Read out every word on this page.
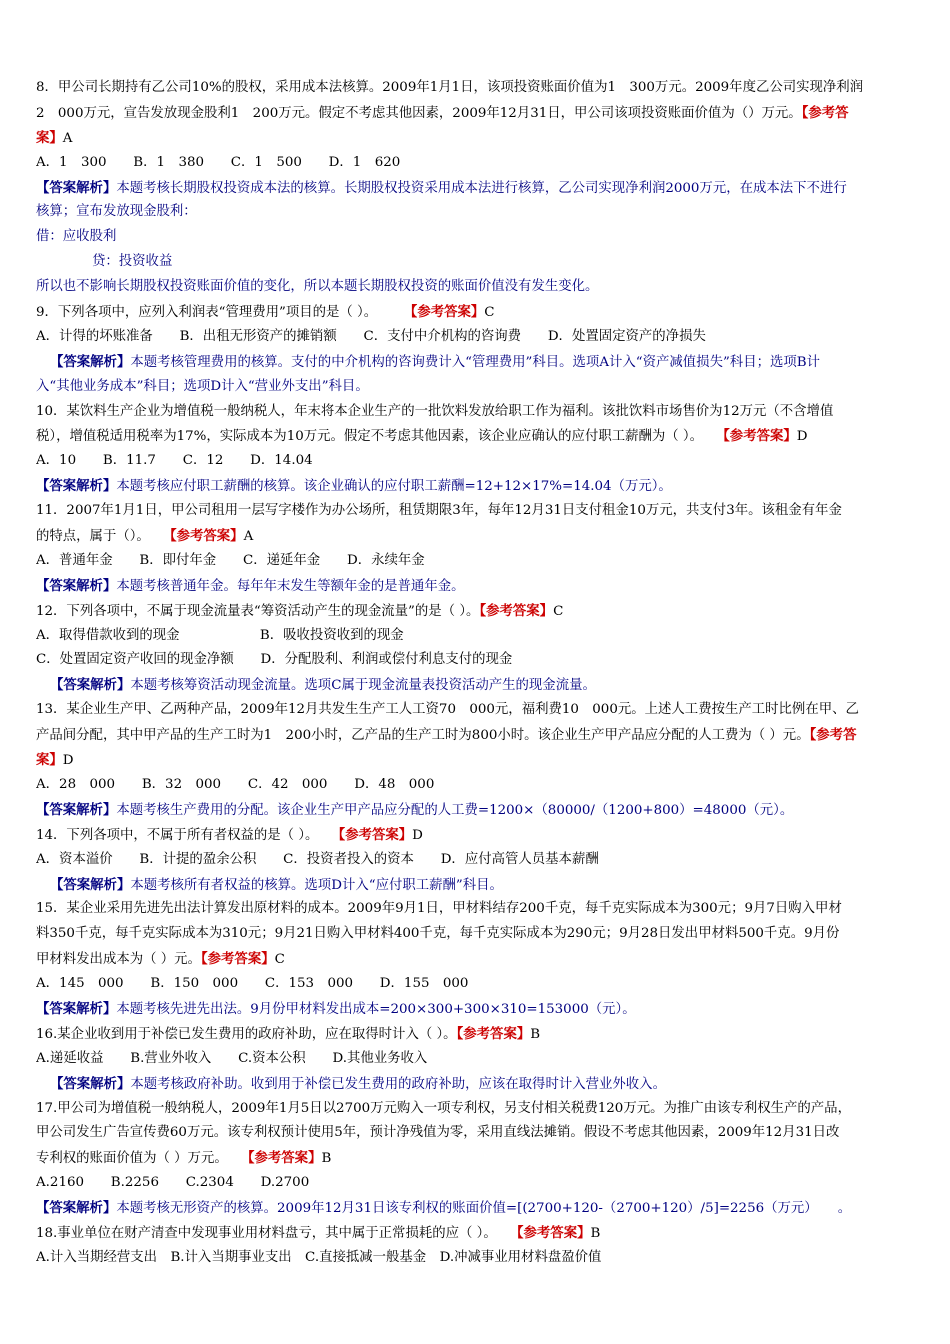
8．甲公司长期持有乙公司10%的股权，采用成本法核算。2009年1月1日，该项投资账面价值为1　300万元。2009年度乙公司实现净利润
2　000万元，宣告发放现金股利1　200万元。假定不考虑其他因素，2009年12月31日，甲公司该项投资账面价值为（）万元。【参考答
案】A
A．1　300　　B．1　380　　C．1　500　　D．1　620
【答案解析】本题考核长期股权投资成本法的核算。长期股权投资采用成本法进行核算，乙公司实现净利润2000万元，在成本法下不进行
核算；宣布发放现金股利：
借：应收股利
贷：投资收益
所以也不影响长期股权投资账面价值的变化，所以本题长期股权投资的账面价值没有发生变化。
9．下列各项中，应列入利润表“管理费用”项目的是（ ）。　　　	【参考答案】C
A．计得的坏账准备　　B．出租无形资产的摊销额　　C．支付中介机构的咨询费　　D．处置固定资产的净损失
【答案解析】本题考核管理费用的核算。支付的中介机构的咨询费计入“管理费用”科目。选项A计入“资产减值损失”科目；选项B计
入“其他业务成本”科目；选项D计入“营业外支出”科目。
10．某饮料生产企业为增值税一般纳税人，年末将本企业生产的一批饮料发放给职工作为福利。该批饮料市场售价为12万元（不含增值
税），增值税适用税率为17%，实际成本为10万元。假定不考虑其他因素，该企业应确认的应付职工薪酬为（ ）。　　 【参考答案】D
A．10　　B．11.7　　C．12　　D．14.04
【答案解析】本题考核应付职工薪酬的核算。该企业确认的应付职工薪酬=12+12×17%=14.04（万元）。
11．2007年1月1日，甲公司租用一层写字楼作为办公场所，租赁期限3年，每年12月31日支付租金10万元，共支付3年。该租金有年金
的特点，属于（）。　　 【参考答案】A
A．普通年金　　B．即付年金　　C．递延年金　　D．永续年金
【答案解析】本题考核普通年金。每年年末发生等额年金的是普通年金。
12．下列各项中，不属于现金流量表“筹资活动产生的现金流量”的是（ ）。【参考答案】C
A．取得借款收到的现金　　　　　　B．吸收投资收到的现金
C．处置固定资产收回的现金净额　　D．分配股利、利润或偿付利息支付的现金
【答案解析】本题考核筹资活动现金流量。选项C属于现金流量表投资活动产生的现金流量。
13．某企业生产甲、乙两种产品，2009年12月共发生生产工人工资70　000元，福利费10　000元。上述人工费按生产工时比例在甲、乙
产品间分配，其中甲产品的生产工时为1　200小时，乙产品的生产工时为800小时。该企业生产甲产品应分配的人工费为（ ）元。【参考答
案】D
A．28　000　　B．32　000　　C．42　000　　D．48　000
【答案解析】本题考核生产费用的分配。该企业生产甲产品应分配的人工费=1200×（80000/（1200+800）=48000（元）。
14．下列各项中，不属于所有者权益的是（ ）。　　 【参考答案】D
A．资本溢价　　B．计提的盈余公积　　C．投资者投入的资本　　D．应付高管人员基本薪酬
【答案解析】本题考核所有者权益的核算。选项D计入“应付职工薪酬”科目。
15．某企业采用先进先出法计算发出原材料的成本。2009年9月1日，甲材料结存200千克，每千克实际成本为300元；9月7日购入甲材
料350千克，每千克实际成本为310元；9月21日购入甲材料400千克，每千克实际成本为290元；9月28日发出甲材料500千克。9月份
甲材料发出成本为（ ）元。【参考答案】C
A．145　000　　B．150　000　　C．153　000　　D．155　000
【答案解析】本题考核先进先出法。9月份甲材料发出成本=200×300+300×310=153000（元）。
16.某企业收到用于补偿已发生费用的政府补助，应在取得时计入（ ）。【参考答案】B
A.递延收益　　B.营业外收入　　C.资本公积　　D.其他业务收入
【答案解析】本题考核政府补助。收到用于补偿已发生费用的政府补助，应该在取得时计入营业外收入。
17.甲公司为增值税一般纳税人，2009年1月5日以2700万元购入一项专利权，另支付相关税费120万元。为推广由该专利权生产的产品，
甲公司发生广告宣传费60万元。该专利权预计使用5年，预计净残值为零，采用直线法摊销。假设不考虑其他因素，2009年12月31日改
专利权的账面价值为（ ）万元。　　 【参考答案】B
A.2160　　B.2256　　C.2304　　D.2700
【答案解析】本题考核无形资产的核算。2009年12月31日该专利权的账面价值=[(2700+120-（2700+120）/5]=2256（万元）　　。
18.事业单位在财产清查中发现事业用材料盘亏，其中属于正常损耗的应（ ）。　　 【参考答案】B
A.计入当期经营支出　B.计入当期事业支出　C.直接抵减一般基金　D.冲减事业用材料盘盈价值
